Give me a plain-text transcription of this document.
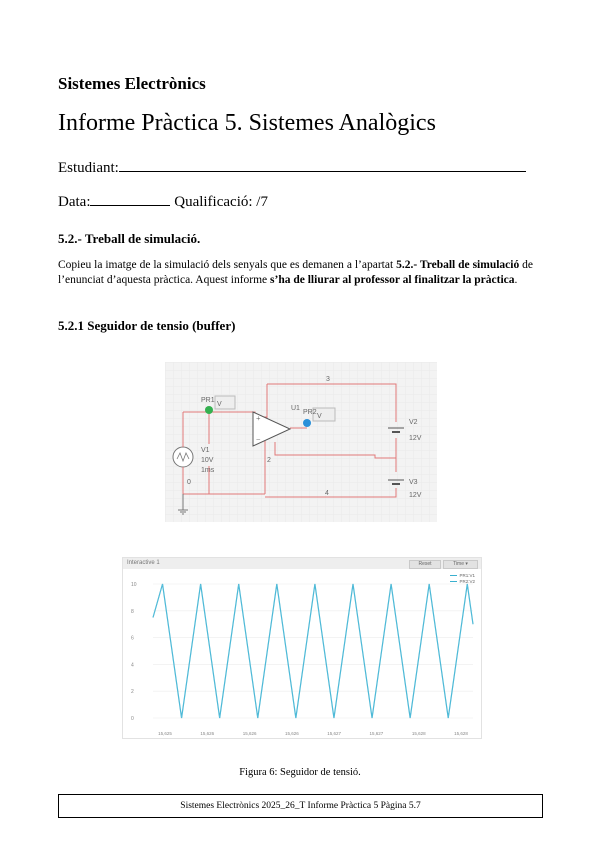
Sistemes Electrònics
Informe Pràctica 5. Sistemes Analògics
Estudiant:
Data:	Qualificació: /7
5.2.- Treball de simulació.
Copieu la imatge de la simulació dels senyals que es demanen a l’apartat 5.2.- Treball de simulació de l’enunciat d’aquesta pràctica. Aquest informe s’ha de lliurar al professor al finalitzar la pràctica.
5.2.1 Seguidor de tensio (buffer)
+
−
3
4
2
0
PR1
V
U1
PR2
V
V1
10V
1ms
V2
12V
V3
12V
Interactive 1	Reset	Time ▾
PR1:V1
PR2:V2
10
8
6
4
2
0
15,625	15,626	15,626	15,626	15,627	15,627	15,628	15,628
Figura 6: Seguidor de tensió.
Sistemes Electrònics 2025_26_T Informe Pràctica 5 Pàgina 5.7
